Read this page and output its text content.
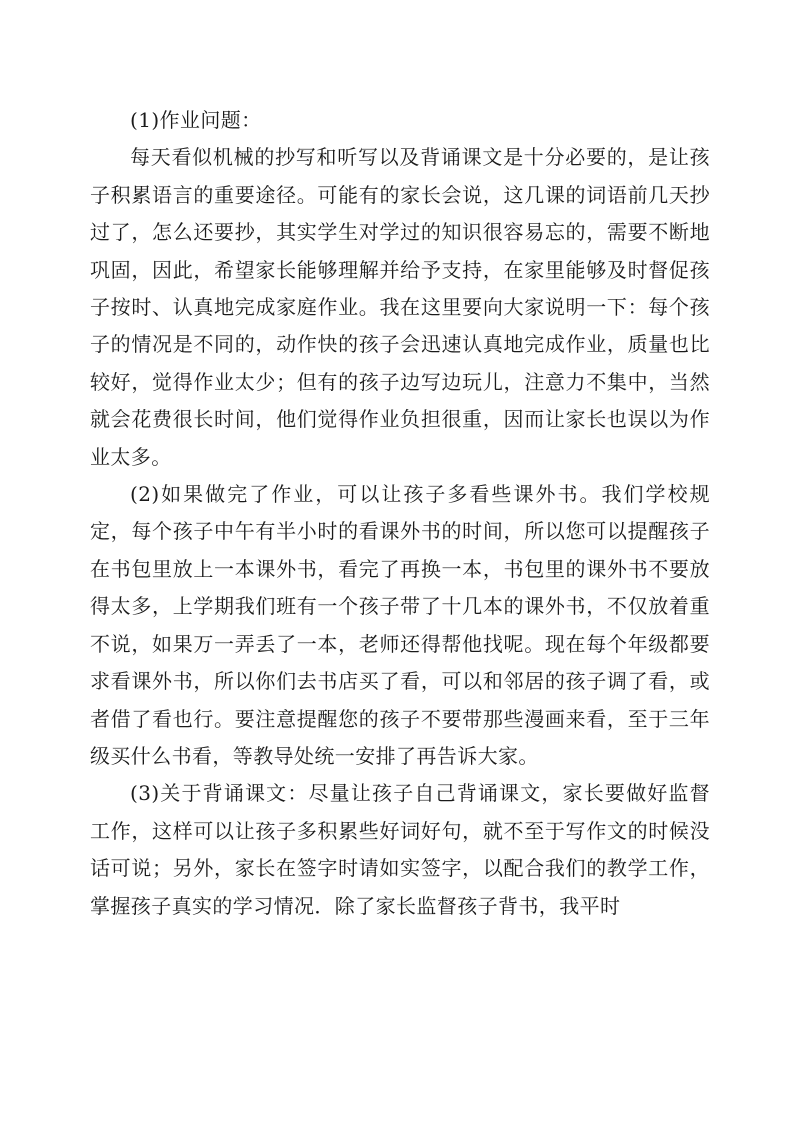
(1)作业问题：

每天看似机械的抄写和听写以及背诵课文是十分必要的，是让孩子积累语言的重要途径。可能有的家长会说，这几课的词语前几天抄过了，怎么还要抄，其实学生对学过的知识很容易忘的，需要不断地巩固，因此，希望家长能够理解并给予支持，在家里能够及时督促孩子按时、认真地完成家庭作业。我在这里要向大家说明一下：每个孩子的情况是不同的，动作快的孩子会迅速认真地完成作业，质量也比较好，觉得作业太少；但有的孩子边写边玩儿，注意力不集中，当然就会花费很长时间，他们觉得作业负担很重，因而让家长也误以为作业太多。

(2)如果做完了作业，可以让孩子多看些课外书。我们学校规定，每个孩子中午有半小时的看课外书的时间，所以您可以提醒孩子在书包里放上一本课外书，看完了再换一本，书包里的课外书不要放得太多，上学期我们班有一个孩子带了十几本的课外书，不仅放着重不说，如果万一弄丢了一本，老师还得帮他找呢。现在每个年级都要求看课外书，所以你们去书店买了看，可以和邻居的孩子调了看，或者借了看也行。要注意提醒您的孩子不要带那些漫画来看，至于三年级买什么书看，等教导处统一安排了再告诉大家。

(3)关于背诵课文：尽量让孩子自己背诵课文，家长要做好监督工作，这样可以让孩子多积累些好词好句，就不至于写作文的时候没话可说；另外，家长在签字时请如实签字，以配合我们的教学工作，掌握孩子真实的学习情况．除了家长监督孩子背书，我平时
